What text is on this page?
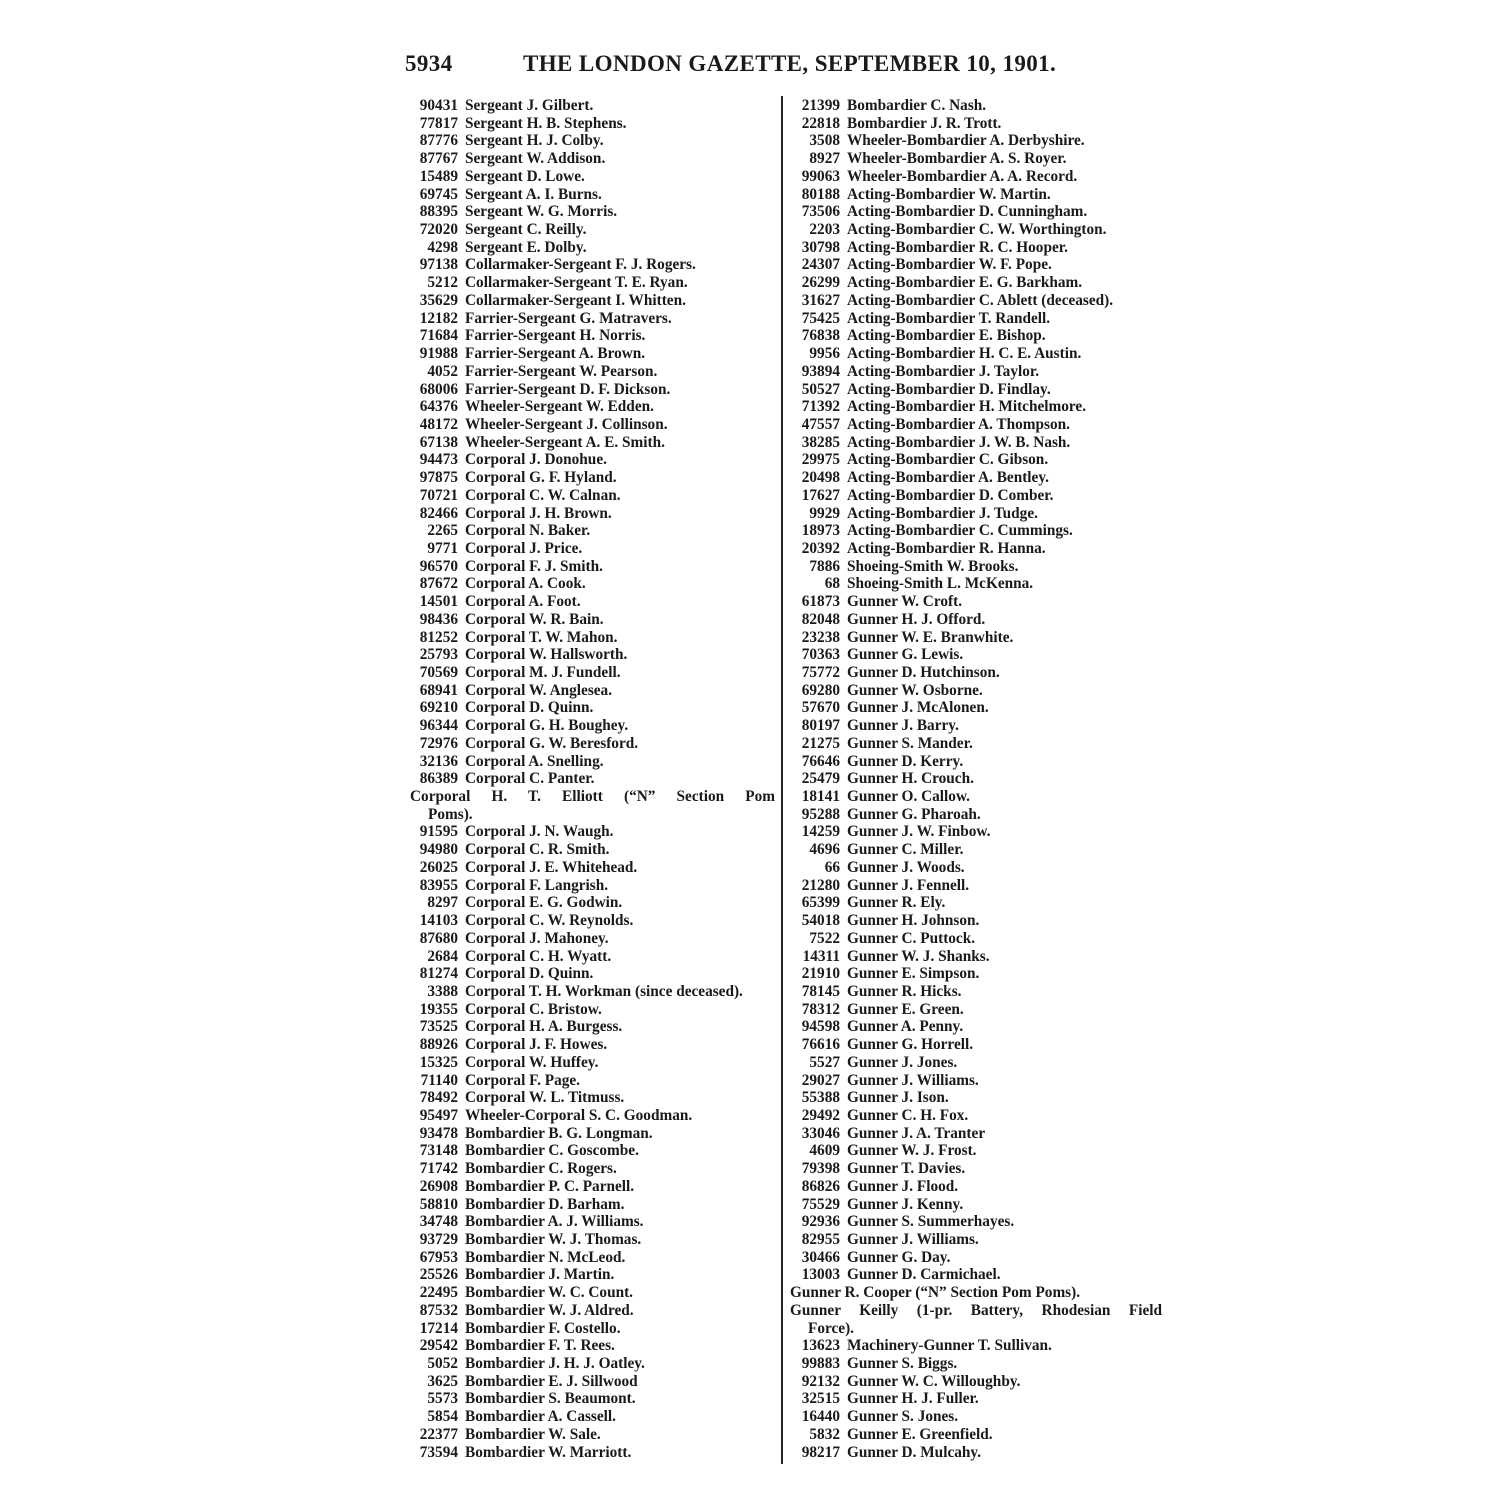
5934	THE LONDON GAZETTE, SEPTEMBER 10, 1901.
90431 Sergeant J. Gilbert.
77817 Sergeant H. B. Stephens.
87776 Sergeant H. J. Colby.
87767 Sergeant W. Addison.
15489 Sergeant D. Lowe.
69745 Sergeant A. I. Burns.
88395 Sergeant W. G. Morris.
72020 Sergeant C. Reilly.
4298 Sergeant E. Dolby.
97138 Collarmaker-Sergeant F. J. Rogers.
5212 Collarmaker-Sergeant T. E. Ryan.
35629 Collarmaker-Sergeant I. Whitten.
12182 Farrier-Sergeant G. Matravers.
71684 Farrier-Sergeant H. Norris.
91988 Farrier-Sergeant A. Brown.
4052 Farrier-Sergeant W. Pearson.
68006 Farrier-Sergeant D. F. Dickson.
64376 Wheeler-Sergeant W. Edden.
48172 Wheeler-Sergeant J. Collinson.
67138 Wheeler-Sergeant A. E. Smith.
94473 Corporal J. Donohue.
97875 Corporal G. F. Hyland.
70721 Corporal C. W. Calnan.
82466 Corporal J. H. Brown.
2265 Corporal N. Baker.
9771 Corporal J. Price.
96570 Corporal F. J. Smith.
87672 Corporal A. Cook.
14501 Corporal A. Foot.
98436 Corporal W. R. Bain.
81252 Corporal T. W. Mahon.
25793 Corporal W. Hallsworth.
70569 Corporal M. J. Fundell.
68941 Corporal W. Anglesea.
69210 Corporal D. Quinn.
96344 Corporal G. H. Boughey.
72976 Corporal G. W. Beresford.
32136 Corporal A. Snelling.
86389 Corporal C. Panter.
Corporal H. T. Elliott (“N” Section Pom
Poms).
91595 Corporal J. N. Waugh.
94980 Corporal C. R. Smith.
26025 Corporal J. E. Whitehead.
83955 Corporal F. Langrish.
8297 Corporal E. G. Godwin.
14103 Corporal C. W. Reynolds.
87680 Corporal J. Mahoney.
2684 Corporal C. H. Wyatt.
81274 Corporal D. Quinn.
3388 Corporal T. H. Workman (since deceased).
19355 Corporal C. Bristow.
73525 Corporal H. A. Burgess.
88926 Corporal J. F. Howes.
15325 Corporal W. Huffey.
71140 Corporal F. Page.
78492 Corporal W. L. Titmuss.
95497 Wheeler-Corporal S. C. Goodman.
93478 Bombardier B. G. Longman.
73148 Bombardier C. Goscombe.
71742 Bombardier C. Rogers.
26908 Bombardier P. C. Parnell.
58810 Bombardier D. Barham.
34748 Bombardier A. J. Williams.
93729 Bombardier W. J. Thomas.
67953 Bombardier N. McLeod.
25526 Bombardier J. Martin.
22495 Bombardier W. C. Count.
87532 Bombardier W. J. Aldred.
17214 Bombardier F. Costello.
29542 Bombardier F. T. Rees.
5052 Bombardier J. H. J. Oatley.
3625 Bombardier E. J. Sillwood
5573 Bombardier S. Beaumont.
5854 Bombardier A. Cassell.
22377 Bombardier W. Sale.
73594 Bombardier W. Marriott.
21399 Bombardier C. Nash.
22818 Bombardier J. R. Trott.
3508 Wheeler-Bombardier A. Derbyshire.
8927 Wheeler-Bombardier A. S. Royer.
99063 Wheeler-Bombardier A. A. Record.
80188 Acting-Bombardier W. Martin.
73506 Acting-Bombardier D. Cunningham.
2203 Acting-Bombardier C. W. Worthington.
30798 Acting-Bombardier R. C. Hooper.
24307 Acting-Bombardier W. F. Pope.
26299 Acting-Bombardier E. G. Barkham.
31627 Acting-Bombardier C. Ablett (deceased).
75425 Acting-Bombardier T. Randell.
76838 Acting-Bombardier E. Bishop.
9956 Acting-Bombardier H. C. E. Austin.
93894 Acting-Bombardier J. Taylor.
50527 Acting-Bombardier D. Findlay.
71392 Acting-Bombardier H. Mitchelmore.
47557 Acting-Bombardier A. Thompson.
38285 Acting-Bombardier J. W. B. Nash.
29975 Acting-Bombardier C. Gibson.
20498 Acting-Bombardier A. Bentley.
17627 Acting-Bombardier D. Comber.
9929 Acting-Bombardier J. Tudge.
18973 Acting-Bombardier C. Cummings.
20392 Acting-Bombardier R. Hanna.
7886 Shoeing-Smith W. Brooks.
68 Shoeing-Smith L. McKenna.
61873 Gunner W. Croft.
82048 Gunner H. J. Offord.
23238 Gunner W. E. Branwhite.
70363 Gunner G. Lewis.
75772 Gunner D. Hutchinson.
69280 Gunner W. Osborne.
57670 Gunner J. McAlonen.
80197 Gunner J. Barry.
21275 Gunner S. Mander.
76646 Gunner D. Kerry.
25479 Gunner H. Crouch.
18141 Gunner O. Callow.
95288 Gunner G. Pharoah.
14259 Gunner J. W. Finbow.
4696 Gunner C. Miller.
66 Gunner J. Woods.
21280 Gunner J. Fennell.
65399 Gunner R. Ely.
54018 Gunner H. Johnson.
7522 Gunner C. Puttock.
14311 Gunner W. J. Shanks.
21910 Gunner E. Simpson.
78145 Gunner R. Hicks.
78312 Gunner E. Green.
94598 Gunner A. Penny.
76616 Gunner G. Horrell.
5527 Gunner J. Jones.
29027 Gunner J. Williams.
55388 Gunner J. Ison.
29492 Gunner C. H. Fox.
33046 Gunner J. A. Tranter
4609 Gunner W. J. Frost.
79398 Gunner T. Davies.
86826 Gunner J. Flood.
75529 Gunner J. Kenny.
92936 Gunner S. Summerhayes.
82955 Gunner J. Williams.
30466 Gunner G. Day.
13003 Gunner D. Carmichael.
Gunner R. Cooper (“N” Section Pom Poms).
Gunner Keilly (1-pr. Battery, Rhodesian Field
Force).
13623 Machinery-Gunner T. Sullivan.
99883 Gunner S. Biggs.
92132 Gunner W. C. Willoughby.
32515 Gunner H. J. Fuller.
16440 Gunner S. Jones.
5832 Gunner E. Greenfield.
98217 Gunner D. Mulcahy.
